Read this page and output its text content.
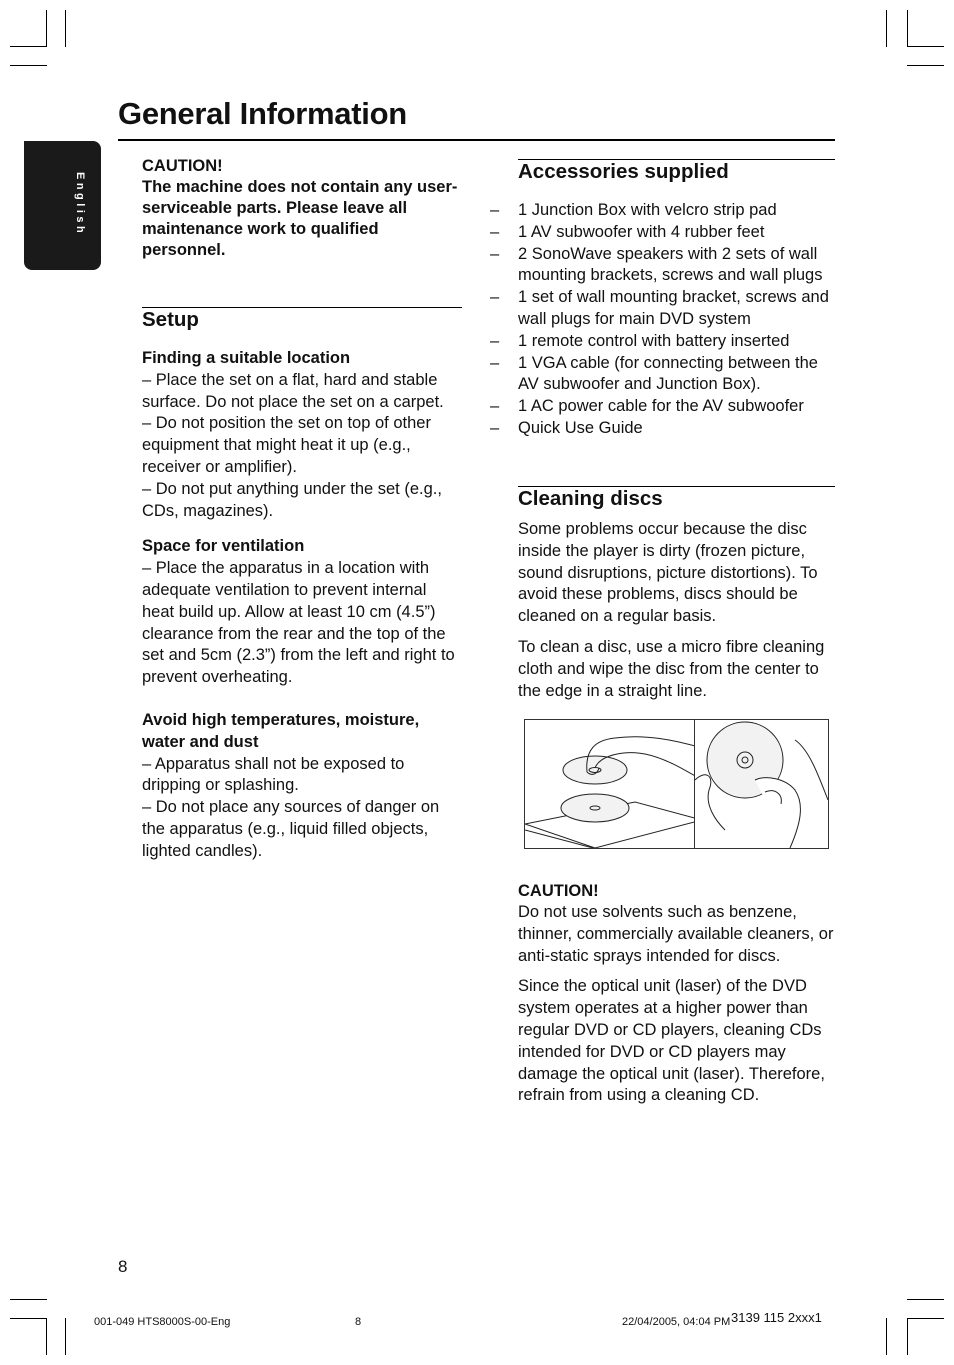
English
General Information
CAUTION!
The machine does not contain any user-serviceable parts. Please leave all maintenance work to qualified personnel.
Setup
Finding a suitable location

– Place the set on a flat, hard and stable surface. Do not place the set on a carpet.

– Do not position the set on top of other equipment that might heat it up (e.g., receiver or amplifier).

– Do not put anything under the set (e.g., CDs, magazines).

Space for ventilation

– Place the apparatus in a location with adequate ventilation to prevent internal heat build up. Allow at least 10 cm (4.5”) clearance from the rear and the top of the set and 5cm (2.3”) from the left and right to prevent overheating.

Avoid high temperatures, moisture, water and dust

– Apparatus shall not be exposed to dripping or splashing.

– Do not place any sources of danger on the apparatus (e.g., liquid filled objects, lighted candles).

Accessories supplied
– 1 Junction Box with velcro strip pad
– 1 AV subwoofer with 4 rubber feet
– 2 SonoWave speakers with 2 sets of wall mounting brackets, screws and wall plugs
– 1 set of wall mounting bracket, screws and wall plugs for main DVD system
– 1 remote control with battery inserted
– 1 VGA cable (for connecting between the AV subwoofer and Junction Box).
– 1 AC power cable for the AV subwoofer
– Quick Use Guide
Cleaning discs

Some problems occur because the disc inside the player is dirty (frozen picture, sound disruptions, picture distortions). To avoid these problems, discs should be cleaned on a regular basis.

To clean a disc, use a micro fibre cleaning cloth and wipe the disc from the center to the edge in a straight line.

CAUTION!

Do not use solvents such as benzene, thinner, commercially available cleaners, or anti-static sprays intended for discs.

Since the optical unit (laser) of the DVD system operates at a higher power than regular DVD or CD players, cleaning CDs intended for DVD or CD players may damage the optical unit (laser). Therefore, refrain from using a cleaning CD.

8
001-049 HTS8000S-00-Eng	8	22/04/2005, 04:04 PM 3139 115 2xxx1
